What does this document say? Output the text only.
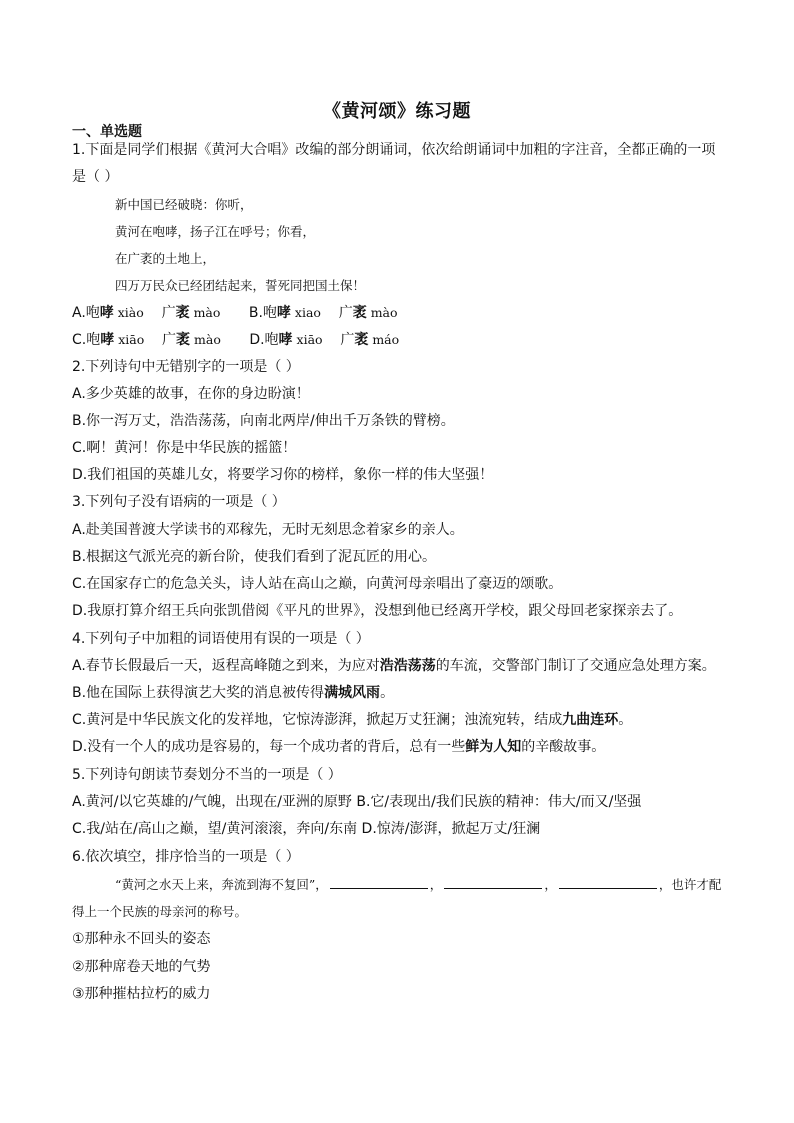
《黄河颂》练习题
一、单选题
1.下面是同学们根据《黄河大合唱》改编的部分朗诵词，依次给朗诵词中加粗的字注音，全都正确的一项
是（ ）
新中国已经破晓：你听，
黄河在咆哮，扬子江在呼号；你看，
在广袤的土地上，
四万万民众已经团结起来，誓死同把国土保！
A.咆哮 xiào    广袤 mào B.咆哮 xiao    广袤 mào
C.咆哮 xiāo    广袤 mào D.咆哮 xiāo    广袤 máo
2.下列诗句中无错别字的一项是（ ）
A.多少英雄的故事，在你的身边盼演！
B.你一泻万丈，浩浩荡荡，向南北两岸/伸出千万条铁的臂榜。
C.啊！黄河！你是中华民族的摇篮！
D.我们祖国的英雄儿女，将要学习你的榜样，象你一样的伟大坚强！
3.下列句子没有语病的一项是（ ）
A.赴美国普渡大学读书的邓稼先，无时无刻思念着家乡的亲人。
B.根据这气派光亮的新台阶，使我们看到了泥瓦匠的用心。
C.在国家存亡的危急关头，诗人站在高山之巅，向黄河母亲唱出了豪迈的颂歌。
D.我原打算介绍王兵向张凯借阅《平凡的世界》，没想到他已经离开学校，跟父母回老家探亲去了。
4.下列句子中加粗的词语使用有误的一项是（ ）
A.春节长假最后一天，返程高峰随之到来，为应对浩浩荡荡的车流，交警部门制订了交通应急处理方案。
B.他在国际上获得演艺大奖的消息被传得满城风雨。
C.黄河是中华民族文化的发祥地，它惊涛澎湃，掀起万丈狂澜；浊流宛转，结成九曲连环。
D.没有一个人的成功是容易的，每一个成功者的背后，总有一些鲜为人知的辛酸故事。
5.下列诗句朗读节奏划分不当的一项是（ ）
A.黄河/以它英雄的/气魄，出现在/亚洲的原野 B.它/表现出/我们民族的精神：伟大/而又/坚强
C.我/站在/高山之巅，望/黄河滚滚，奔向/东南 D.惊涛/澎湃，掀起万丈/狂澜
6.依次填空，排序恰当的一项是（ ）
“黄河之水天上来，奔流到海不复回”，	，	，	，也许才配
得上一个民族的母亲河的称号。
①那种永不回头的姿态
②那种席卷天地的气势
③那种摧枯拉朽的威力
